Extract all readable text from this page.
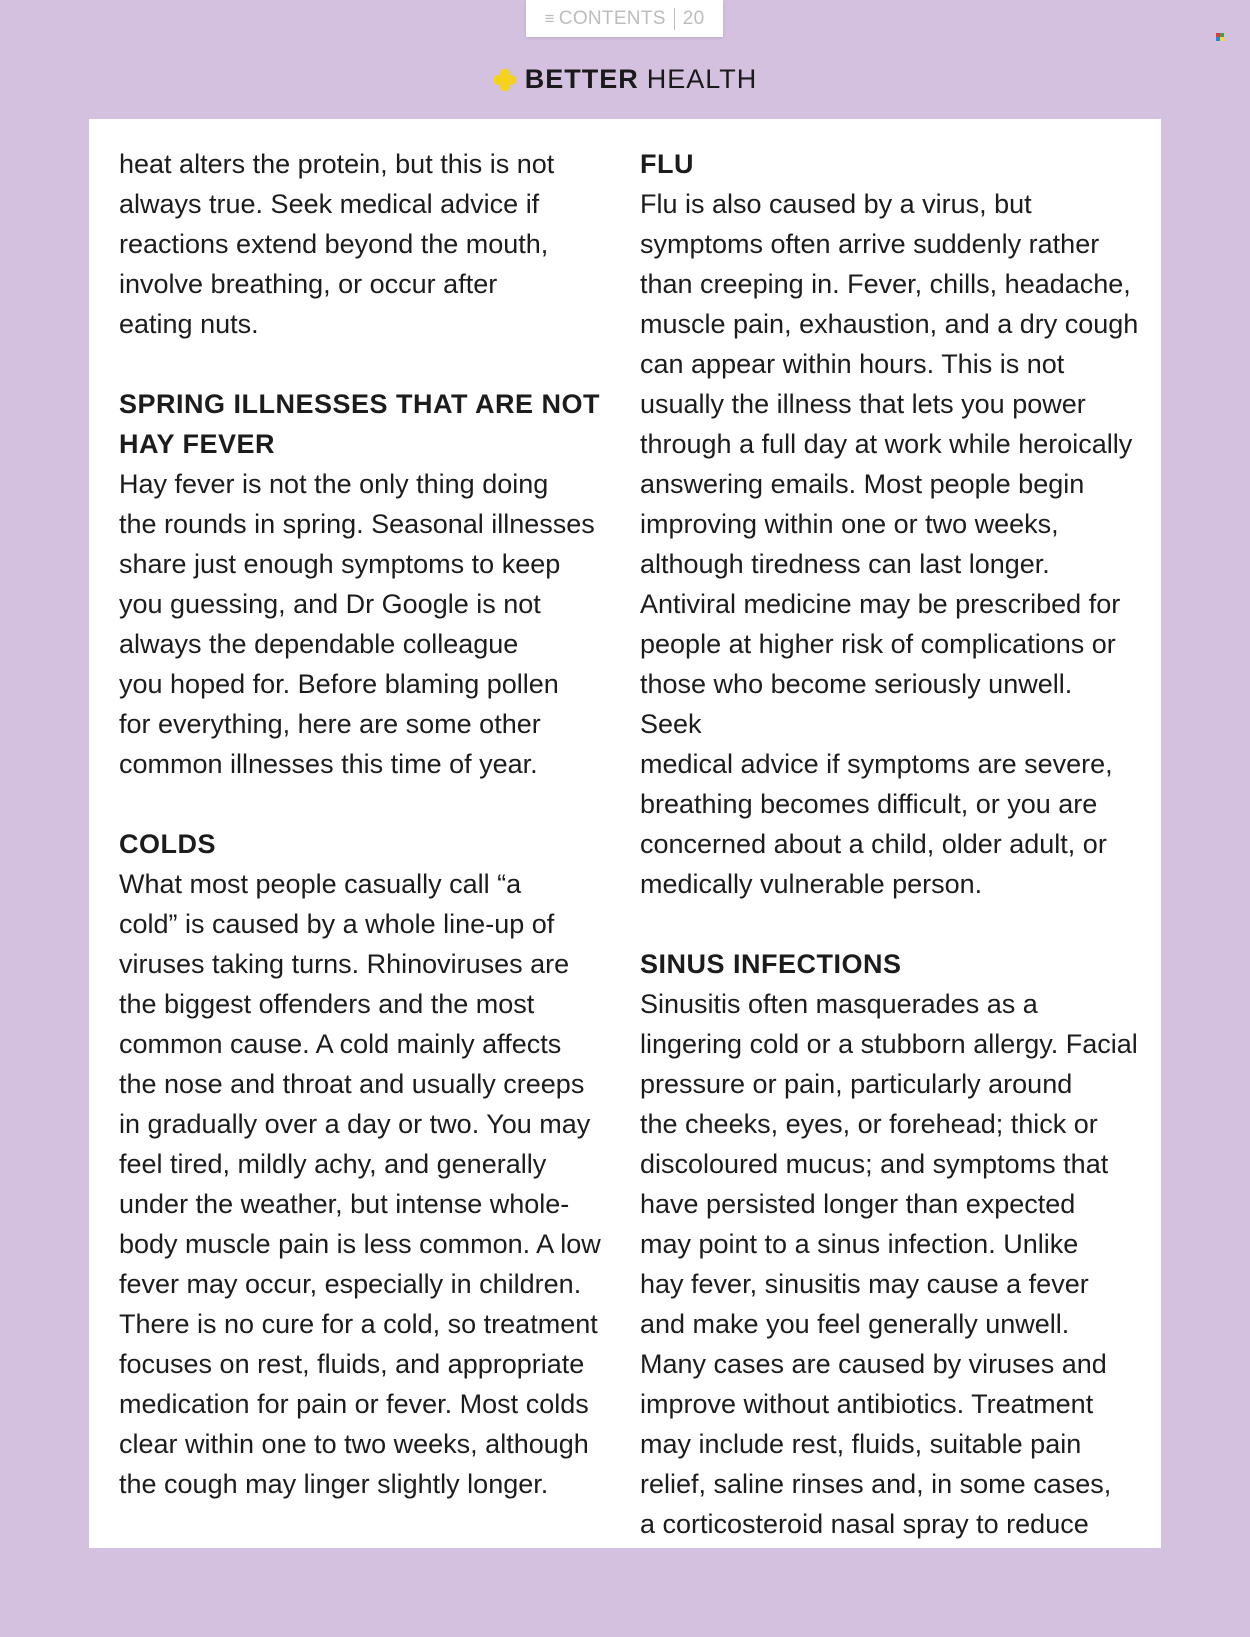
≡ CONTENTS 20
BETTER HEALTH

heat alters the protein, but this is not
always true. Seek medical advice if
reactions extend beyond the mouth,
involve breathing, or occur after
eating nuts.

SPRING ILLNESSES THAT ARE NOT
HAY FEVER

Hay fever is not the only thing doing
the rounds in spring. Seasonal illnesses
share just enough symptoms to keep
you guessing, and Dr Google is not
always the dependable colleague
you hoped for. Before blaming pollen
for everything, here are some other
common illnesses this time of year.

COLDS

What most people casually call “a
cold” is caused by a whole line-up of
viruses taking turns. Rhinoviruses are
the biggest offenders and the most
common cause. A cold mainly affects
the nose and throat and usually creeps
in gradually over a day or two. You may
feel tired, mildly achy, and generally
under the weather, but intense whole-
body muscle pain is less common. A low
fever may occur, especially in children.
There is no cure for a cold, so treatment
focuses on rest, fluids, and appropriate
medication for pain or fever. Most colds
clear within one to two weeks, although
the cough may linger slightly longer.

FLU

Flu is also caused by a virus, but
symptoms often arrive suddenly rather
than creeping in. Fever, chills, headache,
muscle pain, exhaustion, and a dry cough
can appear within hours. This is not
usually the illness that lets you power
through a full day at work while heroically
answering emails. Most people begin
improving within one or two weeks,
although tiredness can last longer.
Antiviral medicine may be prescribed for
people at higher risk of complications or
those who become seriously unwell. Seek
medical advice if symptoms are severe,
breathing becomes difficult, or you are
concerned about a child, older adult, or
medically vulnerable person.

SINUS INFECTIONS

Sinusitis often masquerades as a
lingering cold or a stubborn allergy. Facial
pressure or pain, particularly around
the cheeks, eyes, or forehead; thick or
discoloured mucus; and symptoms that
have persisted longer than expected
may point to a sinus infection. Unlike
hay fever, sinusitis may cause a fever
and make you feel generally unwell.
Many cases are caused by viruses and
improve without antibiotics. Treatment
may include rest, fluids, suitable pain
relief, saline rinses and, in some cases,
a corticosteroid nasal spray to reduce
